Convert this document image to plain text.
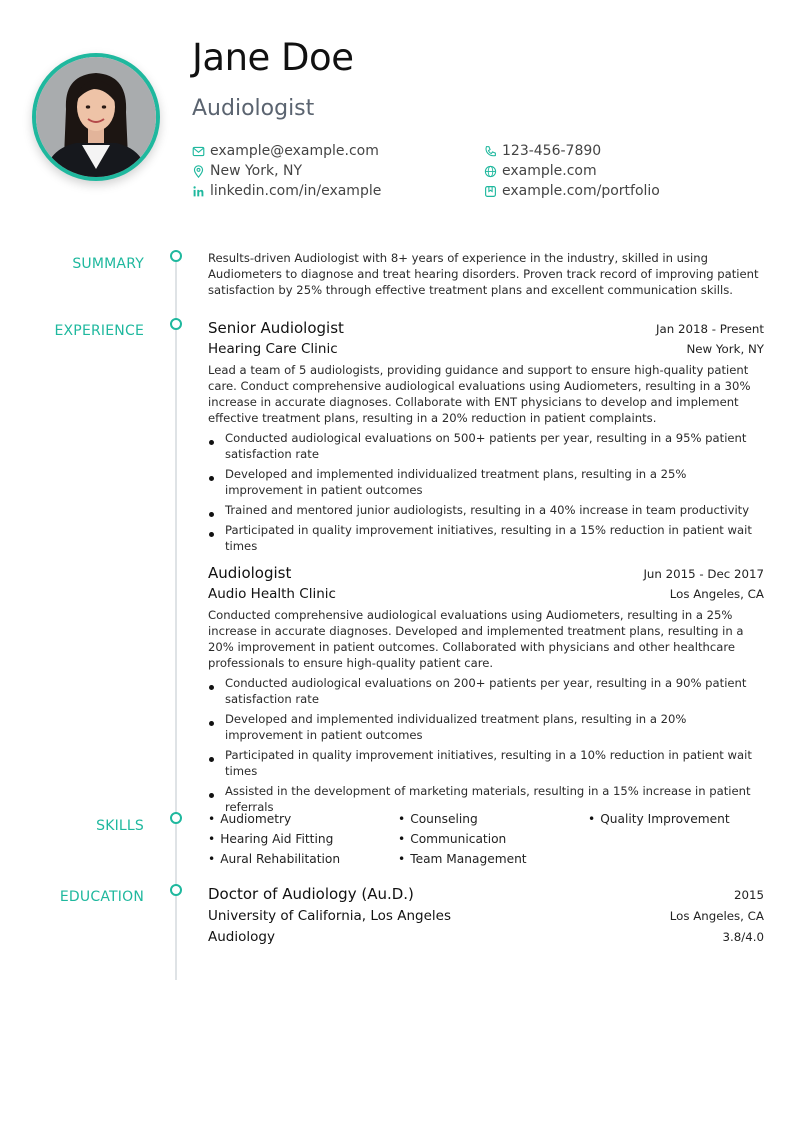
Jane Doe
Audiologist
example@example.com	123-456-7890
New York, NY	example.com
linkedin.com/in/example	example.com/portfolio
SUMMARY
EXPERIENCE
SKILLS
EDUCATION
Results-driven Audiologist with 8+ years of experience in the industry, skilled in using Audiometers to diagnose and treat hearing disorders. Proven track record of improving patient satisfaction by 25% through effective treatment plans and excellent communication skills.
Senior Audiologist	Jan 2018 - Present
Hearing Care Clinic	New York, NY
Lead a team of 5 audiologists, providing guidance and support to ensure high-quality patient care. Conduct comprehensive audiological evaluations using Audiometers, resulting in a 30% increase in accurate diagnoses. Collaborate with ENT physicians to develop and implement effective treatment plans, resulting in a 20% reduction in patient complaints.
Conducted audiological evaluations on 500+ patients per year, resulting in a 95% patient satisfaction rate
Developed and implemented individualized treatment plans, resulting in a 25% improvement in patient outcomes
Trained and mentored junior audiologists, resulting in a 40% increase in team productivity
Participated in quality improvement initiatives, resulting in a 15% reduction in patient wait times
Audiologist	Jun 2015 - Dec 2017
Audio Health Clinic	Los Angeles, CA
Conducted comprehensive audiological evaluations using Audiometers, resulting in a 25% increase in accurate diagnoses. Developed and implemented treatment plans, resulting in a 20% improvement in patient outcomes. Collaborated with physicians and other healthcare professionals to ensure high-quality patient care.
Conducted audiological evaluations on 200+ patients per year, resulting in a 90% patient satisfaction rate
Developed and implemented individualized treatment plans, resulting in a 20% improvement in patient outcomes
Participated in quality improvement initiatives, resulting in a 10% reduction in patient wait times
Assisted in the development of marketing materials, resulting in a 15% increase in patient referrals
• Audiometry	• Counseling	• Quality Improvement
• Hearing Aid Fitting	• Communication
• Aural Rehabilitation	• Team Management
Doctor of Audiology (Au.D.)	2015
University of California, Los Angeles	Los Angeles, CA
Audiology	3.8/4.0
